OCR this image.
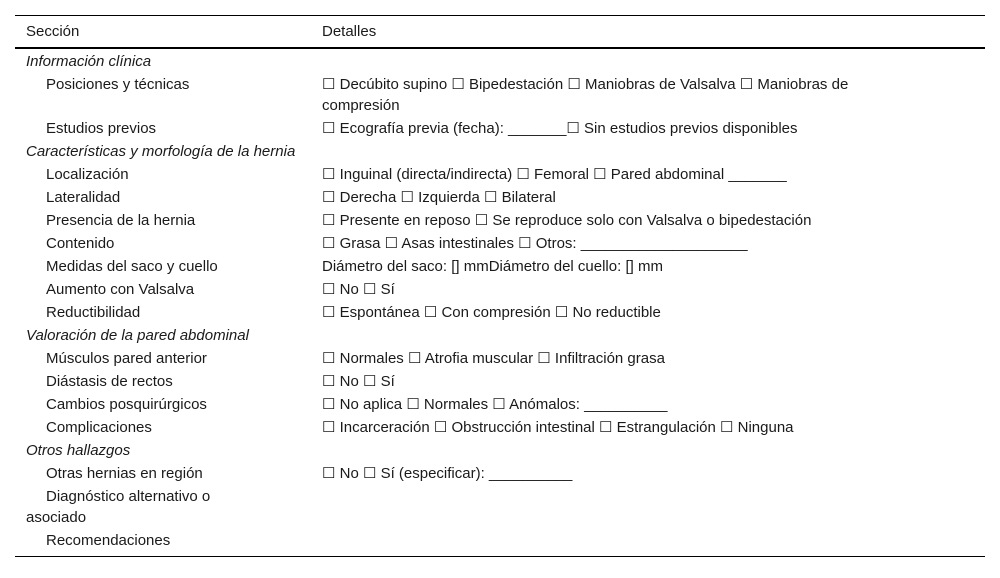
Sección	Detalles
Información clínica
Posiciones y técnicas	☐ Decúbito supino ☐ Bipedestación ☐ Maniobras de Valsalva ☐ Maniobras de compresión
Estudios previos	☐ Ecografía previa (fecha): _______☐ Sin estudios previos disponibles
Características y morfología de la hernia
Localización	☐ Inguinal (directa/indirecta) ☐ Femoral ☐ Pared abdominal _______
Lateralidad	☐ Derecha ☐ Izquierda ☐ Bilateral
Presencia de la hernia	☐ Presente en reposo ☐ Se reproduce solo con Valsalva o bipedestación
Contenido	☐ Grasa ☐ Asas intestinales ☐ Otros: ____________________
Medidas del saco y cuello	Diámetro del saco: [] mmDiámetro del cuello: [] mm
Aumento con Valsalva	☐ No ☐ Sí
Reductibilidad	☐ Espontánea ☐ Con compresión ☐ No reductible
Valoración de la pared abdominal
Músculos pared anterior	☐ Normales ☐ Atrofia muscular ☐ Infiltración grasa
Diástasis de rectos	☐ No ☐ Sí
Cambios posquirúrgicos	☐ No aplica ☐ Normales ☐ Anómalos: __________
Complicaciones	☐ Incarceración ☐ Obstrucción intestinal ☐ Estrangulación ☐ Ninguna
Otros hallazgos
Otras hernias en región	☐ No ☐ Sí (especificar): __________
Diagnóstico alternativo o asociado
Recomendaciones
